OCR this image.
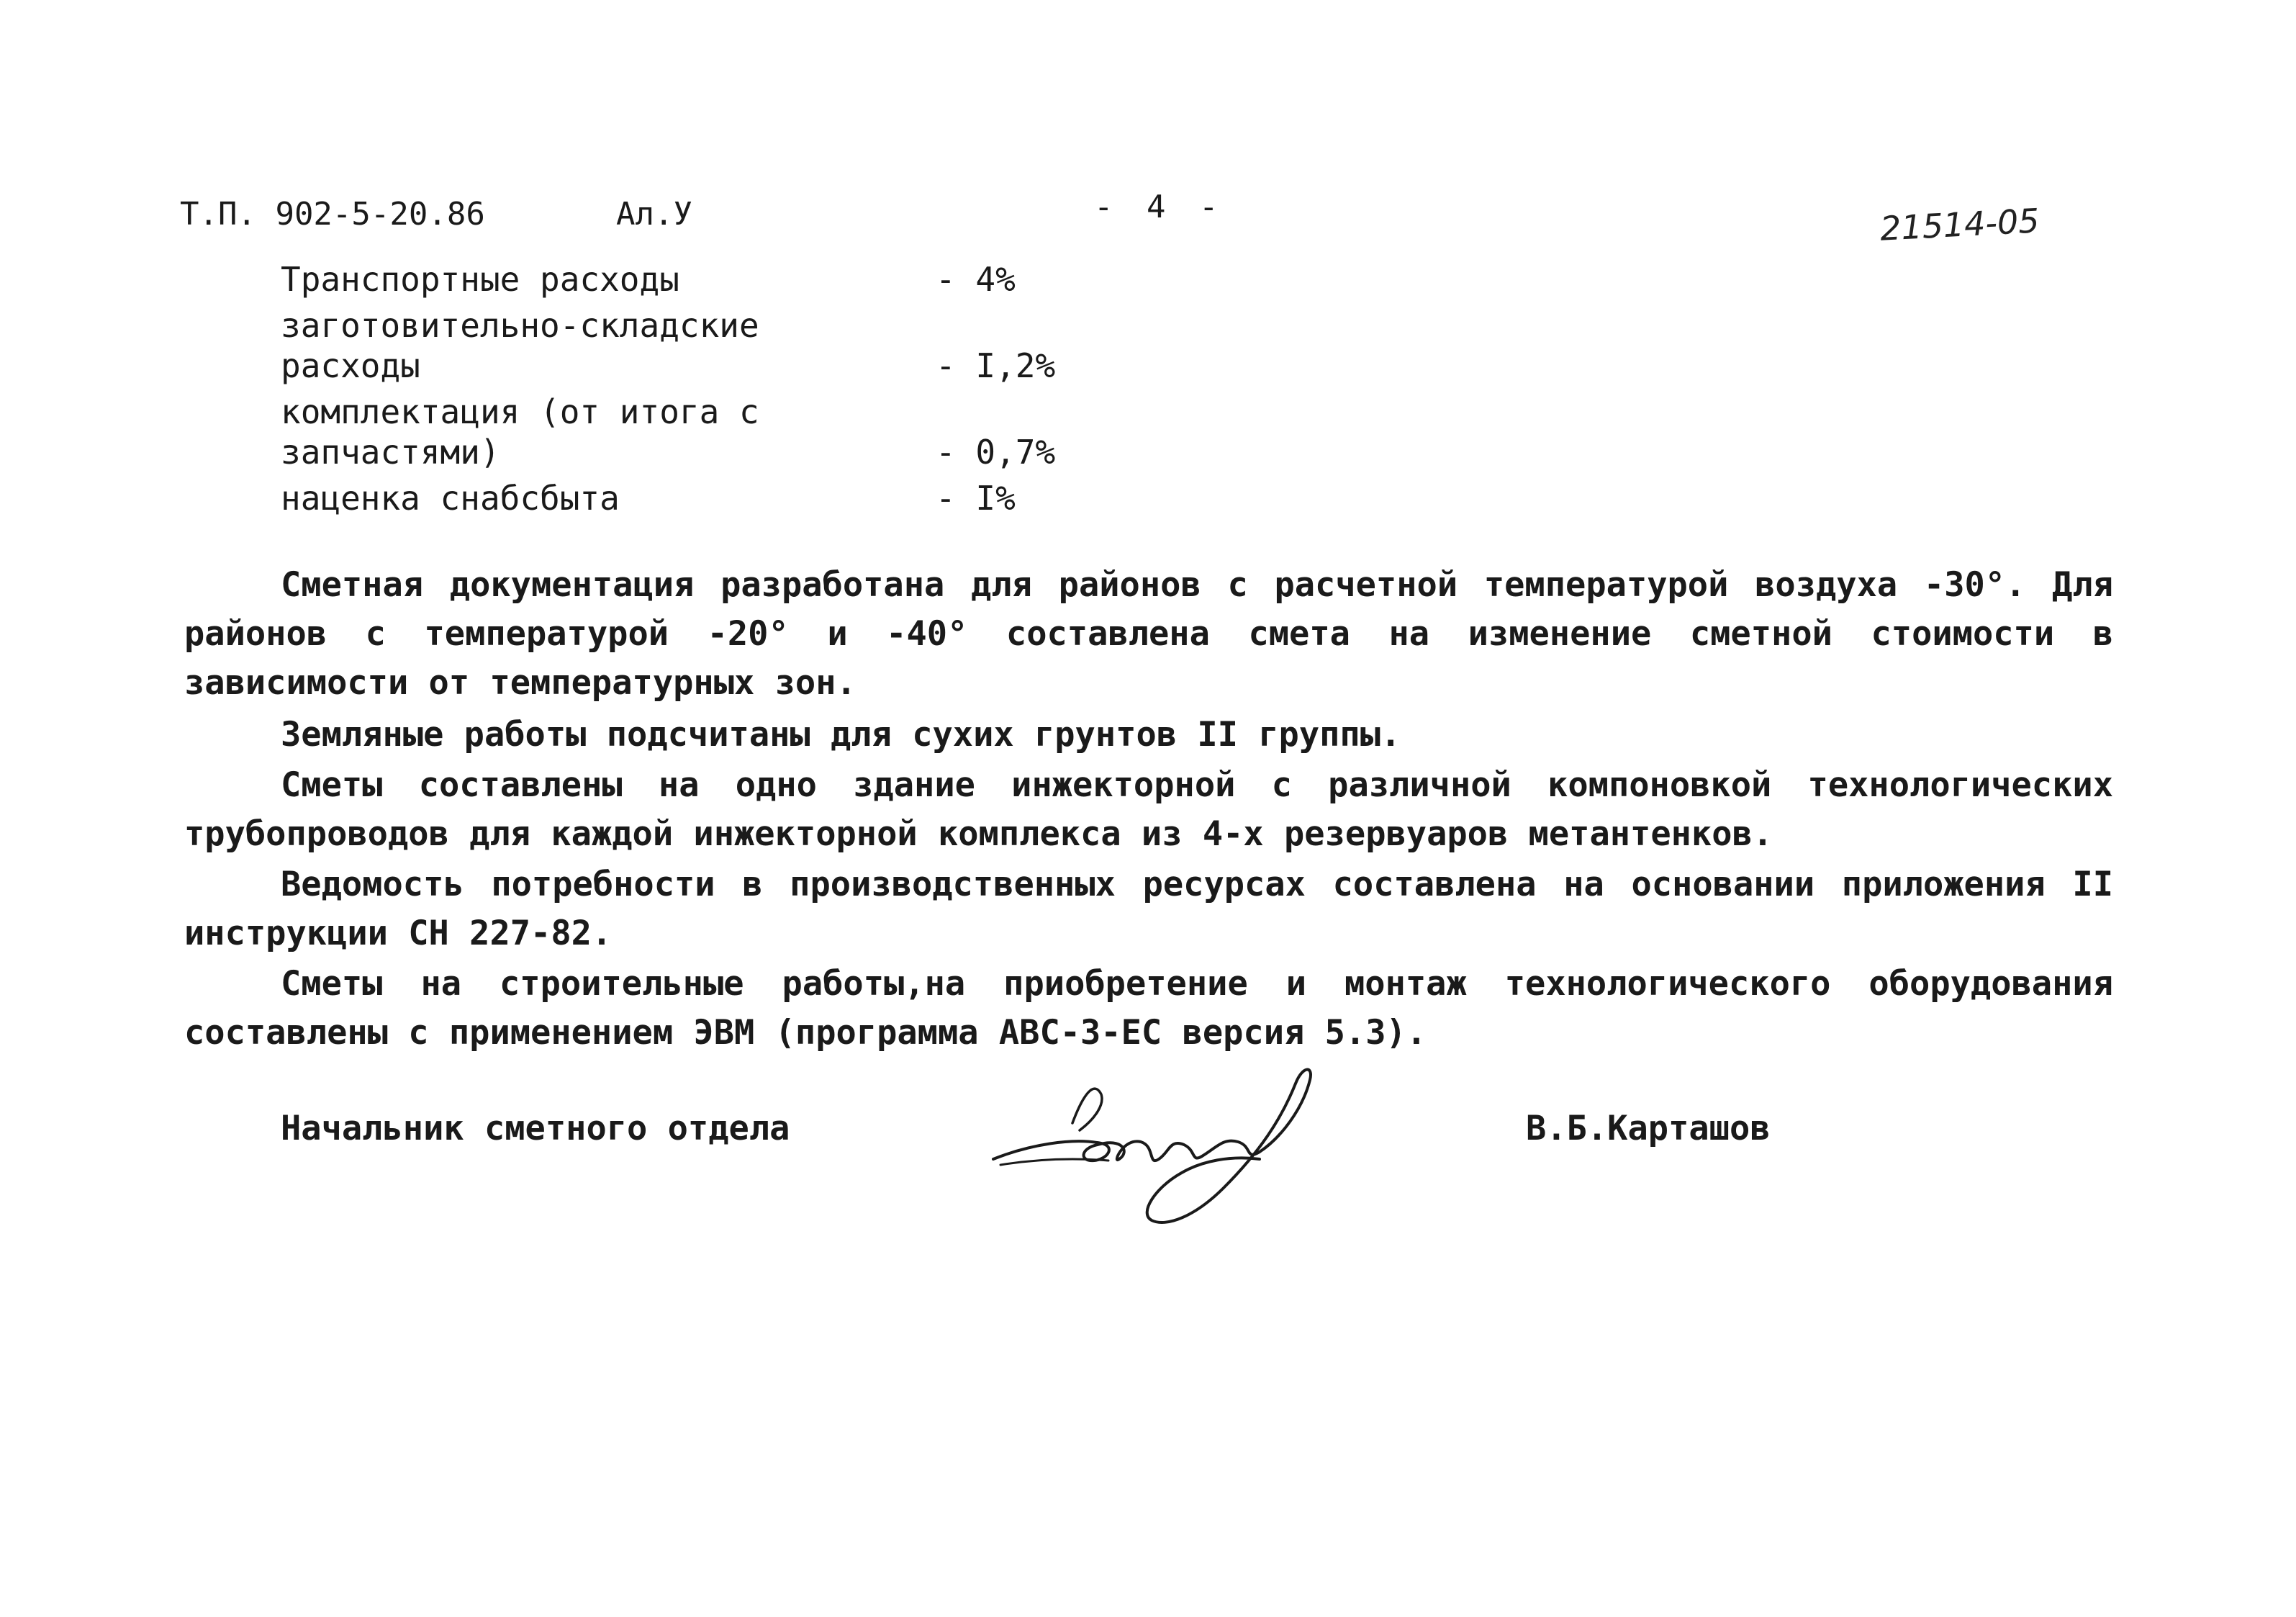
Т.П. 902-5-20.86	Ал.У	- 4 -	21514-05
Транспортные расходы	- 4%
заготовительно-складские расходы	- I,2%
комплектация (от итога с запчастями)	- 0,7%
наценка снабсбыта	- I%

Сметная документация разработана для районов с расчетной температурой воздуха -30°. Для районов с температурой -20° и -40° составлена смета на изменение сметной стоимости в зависимости от температурных зон.

Земляные работы подсчитаны для сухих грунтов II группы.

Сметы составлены на одно здание инжекторной с различной компоновкой технологических трубопроводов для каждой инжекторной комплекса из 4-х резервуаров метантенков.

Ведомость потребности в производственных ресурсах составлена на основании приложения II инструкции СН 227-82.

Сметы на строительные работы,на приобретение и монтаж технологического оборудования составлены с применением ЭВМ (программа АВС-3-ЕС версия 5.3).

Начальник сметного отдела	В.Б.Карташов
